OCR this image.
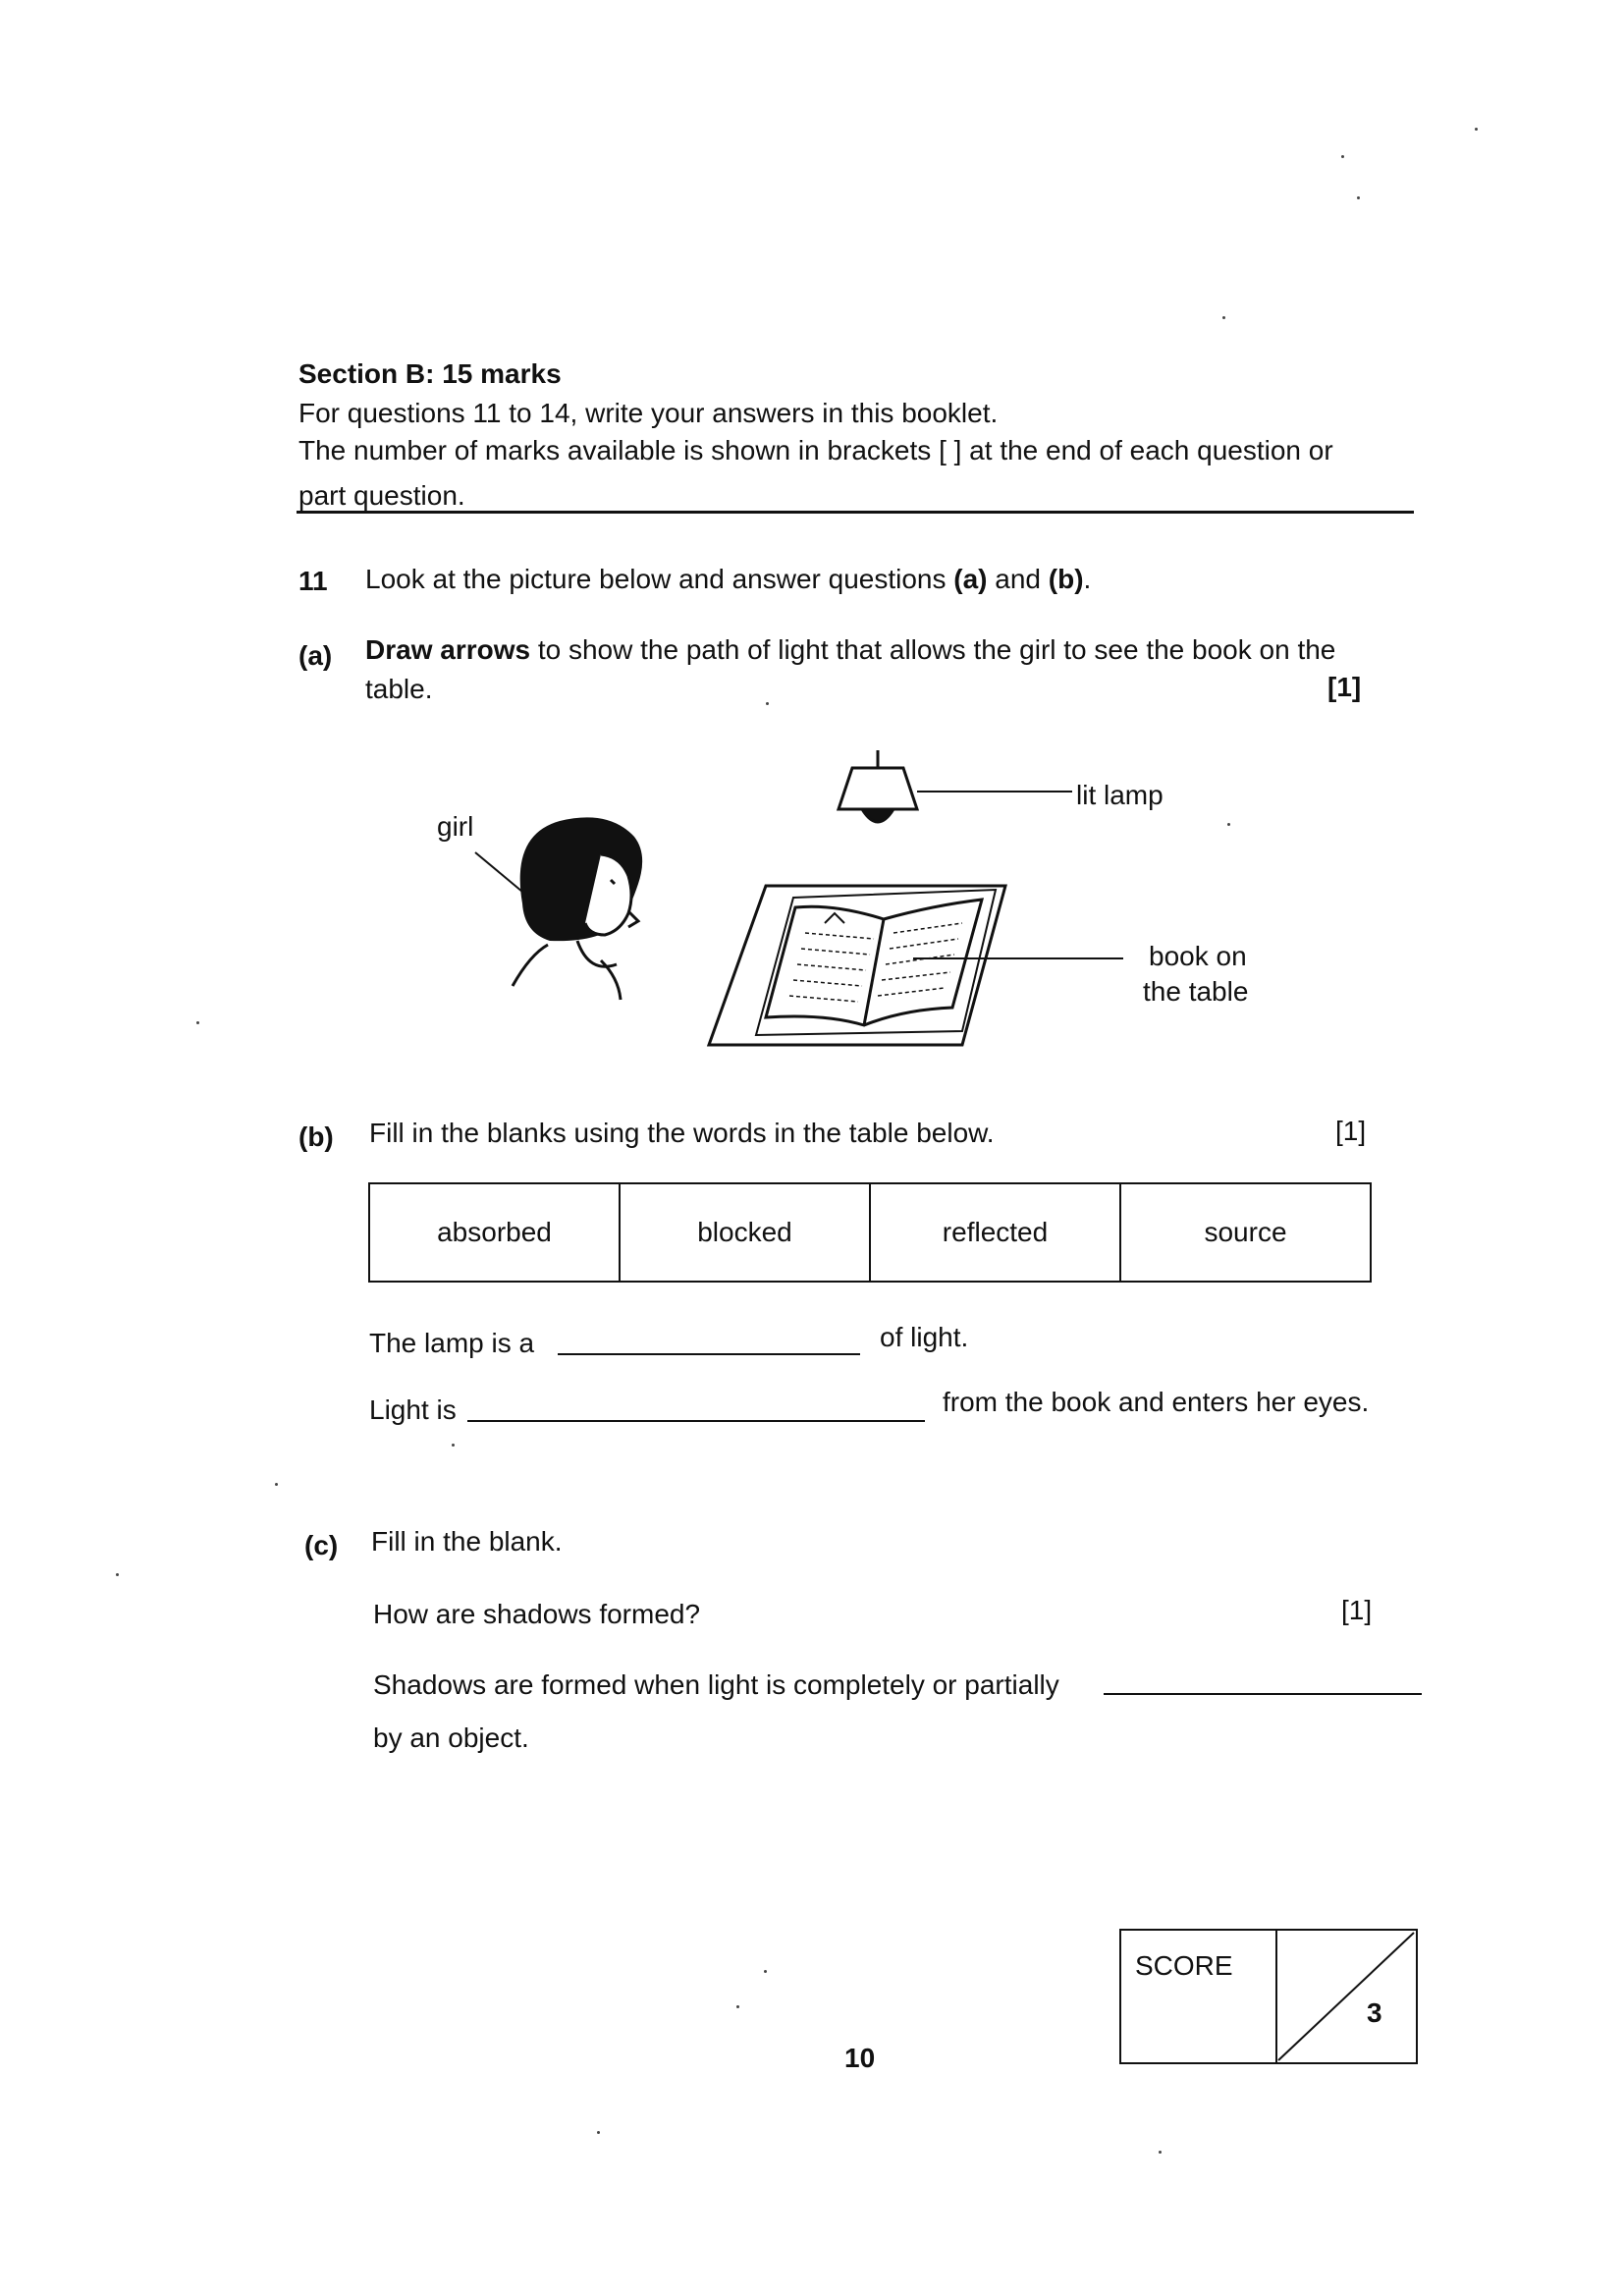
Section B: 15 marks
For questions 11 to 14, write your answers in this booklet.
The number of marks available is shown in brackets [ ] at the end of each question or
part question.
11 Look at the picture below and answer questions (a) and (b).
(a) Draw arrows to show the path of light that allows the girl to see the book on the
table.	[1]
girl
lit lamp
book on
the table
(b) Fill in the blanks using the words in the table below.	[1]
absorbed	blocked	reflected	source
The lamp is a	of light.
Light is	from the book and enters her eyes.
(c) Fill in the blank.
How are shadows formed?	[1]
Shadows are formed when light is completely or partially
by an object.
10
SCORE
3
